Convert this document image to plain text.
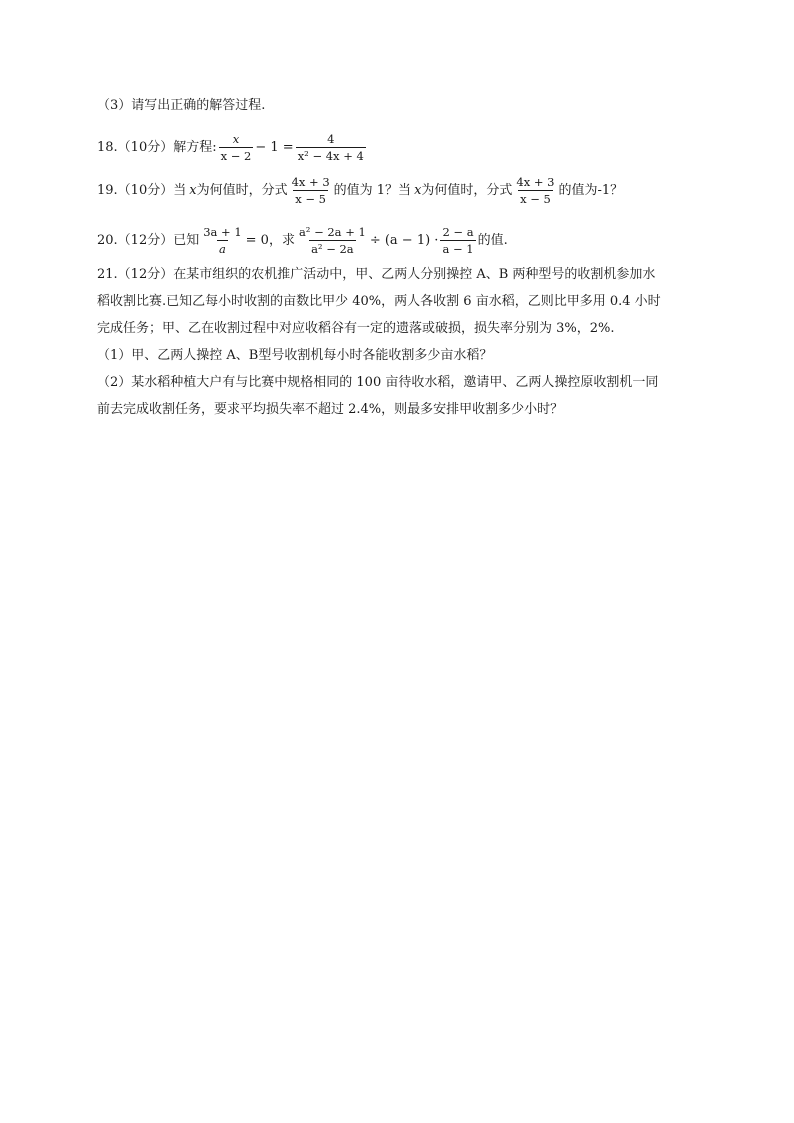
（3）请写出正确的解答过程.
18.（10分）解方程: $\frac{x}{x - 2} - 1 = \frac{4}{\text{x² − 4x + 4}}$
19.（10分）当 x 为何值时，分式 $\frac{4x + 3}{x - 5}$ 的值为 1？当 x 为何值时，分式 $\frac{4x + 3}{x - 5}$ 的值为-1？
20.（12分）已知 $\frac{3a + 1}{a} = 0$，求 $\frac{\text{a² − 2a + 1}}{\text{a² − 2a}} \div (a - 1) \cdot \frac{2 - a}{a - 1}$ 的值.
21.（12分）在某市组织的农机推广活动中，甲、乙两人分别操控 A、B 两种型号的收割机参加水
稻收割比赛.已知乙每小时收割的亩数比甲少 40%，两人各收割 6 亩水稻，乙则比甲多用 0.4 小时
完成任务；甲、乙在收割过程中对应收稻谷有一定的遗落或破损，损失率分别为 3%，2%.
（1）甲、乙两人操控 A、B型号收割机每小时各能收割多少亩水稻？
（2）某水稻种植大户有与比赛中规格相同的 100 亩待收水稻，邀请甲、乙两人操控原收割机一同
前去完成收割任务，要求平均损失率不超过 2.4%，则最多安排甲收割多少小时？
